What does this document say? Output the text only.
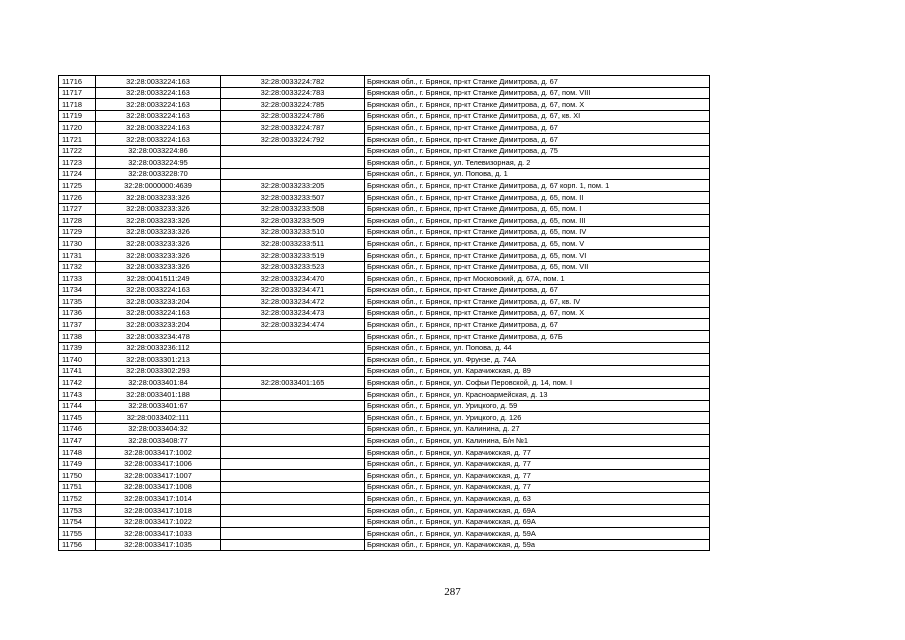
11716	32:28:0033224:163	32:28:0033224:782	Брянская обл., г. Брянск, пр-кт Станке Димитрова, д. 67
11717	32:28:0033224:163	32:28:0033224:783	Брянская обл., г. Брянск, пр-кт Станке Димитрова, д. 67, пом. VIII
11718	32:28:0033224:163	32:28:0033224:785	Брянская обл., г. Брянск, пр-кт Станке Димитрова, д. 67, пом. X
11719	32:28:0033224:163	32:28:0033224:786	Брянская обл., г. Брянск, пр-кт Станке Димитрова, д. 67, кв. XI
11720	32:28:0033224:163	32:28:0033224:787	Брянская обл., г. Брянск, пр-кт Станке Димитрова, д. 67
11721	32:28:0033224:163	32:28:0033224:792	Брянская обл., г. Брянск, пр-кт Станке Димитрова, д. 67
11722	32:28:0033224:86		Брянская обл., г. Брянск, пр-кт Станке Димитрова, д. 75
11723	32:28:0033224:95		Брянская обл., г. Брянск, ул. Телевизорная, д. 2
11724	32:28:0033228:70		Брянская обл., г. Брянск, ул. Попова, д. 1
11725	32:28:0000000:4639	32:28:0033233:205	Брянская обл., г. Брянск, пр-кт Станке Димитрова, д. 67 корп. 1, пом. 1
11726	32:28:0033233:326	32:28:0033233:507	Брянская обл., г. Брянск, пр-кт Станке Димитрова, д. 65, пом. II
11727	32:28:0033233:326	32:28:0033233:508	Брянская обл., г. Брянск, пр-кт Станке Димитрова, д. 65, пом. I
11728	32:28:0033233:326	32:28:0033233:509	Брянская обл., г. Брянск, пр-кт Станке Димитрова, д. 65, пом. III
11729	32:28:0033233:326	32:28:0033233:510	Брянская обл., г. Брянск, пр-кт Станке Димитрова, д. 65, пом. IV
11730	32:28:0033233:326	32:28:0033233:511	Брянская обл., г. Брянск, пр-кт Станке Димитрова, д. 65, пом. V
11731	32:28:0033233:326	32:28:0033233:519	Брянская обл., г. Брянск, пр-кт Станке Димитрова, д. 65, пом. VI
11732	32:28:0033233:326	32:28:0033233:523	Брянская обл., г. Брянск, пр-кт Станке Димитрова, д. 65, пом. VII
11733	32:28:0041511:249	32:28:0033234:470	Брянская обл., г. Брянск, пр-кт Московский, д. 67А, пом. 1
11734	32:28:0033224:163	32:28:0033234:471	Брянская обл., г. Брянск, пр-кт Станке Димитрова, д. 67
11735	32:28:0033233:204	32:28:0033234:472	Брянская обл., г. Брянск, пр-кт Станке Димитрова, д. 67, кв. IV
11736	32:28:0033224:163	32:28:0033234:473	Брянская обл., г. Брянск, пр-кт Станке Димитрова, д. 67, пом. X
11737	32:28:0033233:204	32:28:0033234:474	Брянская обл., г. Брянск, пр-кт Станке Димитрова, д. 67
11738	32:28:0033234:478		Брянская обл., г. Брянск, пр-кт Станке Димитрова, д. 67Б
11739	32:28:0033236:112		Брянская обл., г. Брянск, ул. Попова, д. 44
11740	32:28:0033301:213		Брянская обл., г. Брянск, ул. Фрунзе, д. 74А
11741	32:28:0033302:293		Брянская обл., г. Брянск, ул. Карачижская, д. 89
11742	32:28:0033401:84	32:28:0033401:165	Брянская обл., г. Брянск, ул. Софьи Перовской, д. 14, пом. I
11743	32:28:0033401:188		Брянская обл., г. Брянск, ул. Красноармейская, д. 13
11744	32:28:0033401:67		Брянская обл., г. Брянск, ул. Урицкого, д. 59
11745	32:28:0033402:111		Брянская обл., г. Брянск, ул. Урицкого, д. 126
11746	32:28:0033404:32		Брянская обл., г. Брянск, ул. Калинина, д. 27
11747	32:28:0033408:77		Брянская обл., г. Брянск, ул. Калинина, Б/н №1
11748	32:28:0033417:1002		Брянская обл., г. Брянск, ул. Карачижская, д. 77
11749	32:28:0033417:1006		Брянская обл., г. Брянск, ул. Карачижская, д. 77
11750	32:28:0033417:1007		Брянская обл., г. Брянск, ул. Карачижская, д. 77
11751	32:28:0033417:1008		Брянская обл., г. Брянск, ул. Карачижская, д. 77
11752	32:28:0033417:1014		Брянская обл., г. Брянск, ул. Карачижская, д. 63
11753	32:28:0033417:1018		Брянская обл., г. Брянск, ул. Карачижская, д. 69А
11754	32:28:0033417:1022		Брянская обл., г. Брянск, ул. Карачижская, д. 69А
11755	32:28:0033417:1033		Брянская обл., г. Брянск, ул. Карачижская, д. 59А
11756	32:28:0033417:1035		Брянская обл., г. Брянск, ул. Карачижская, д. 59а
287
